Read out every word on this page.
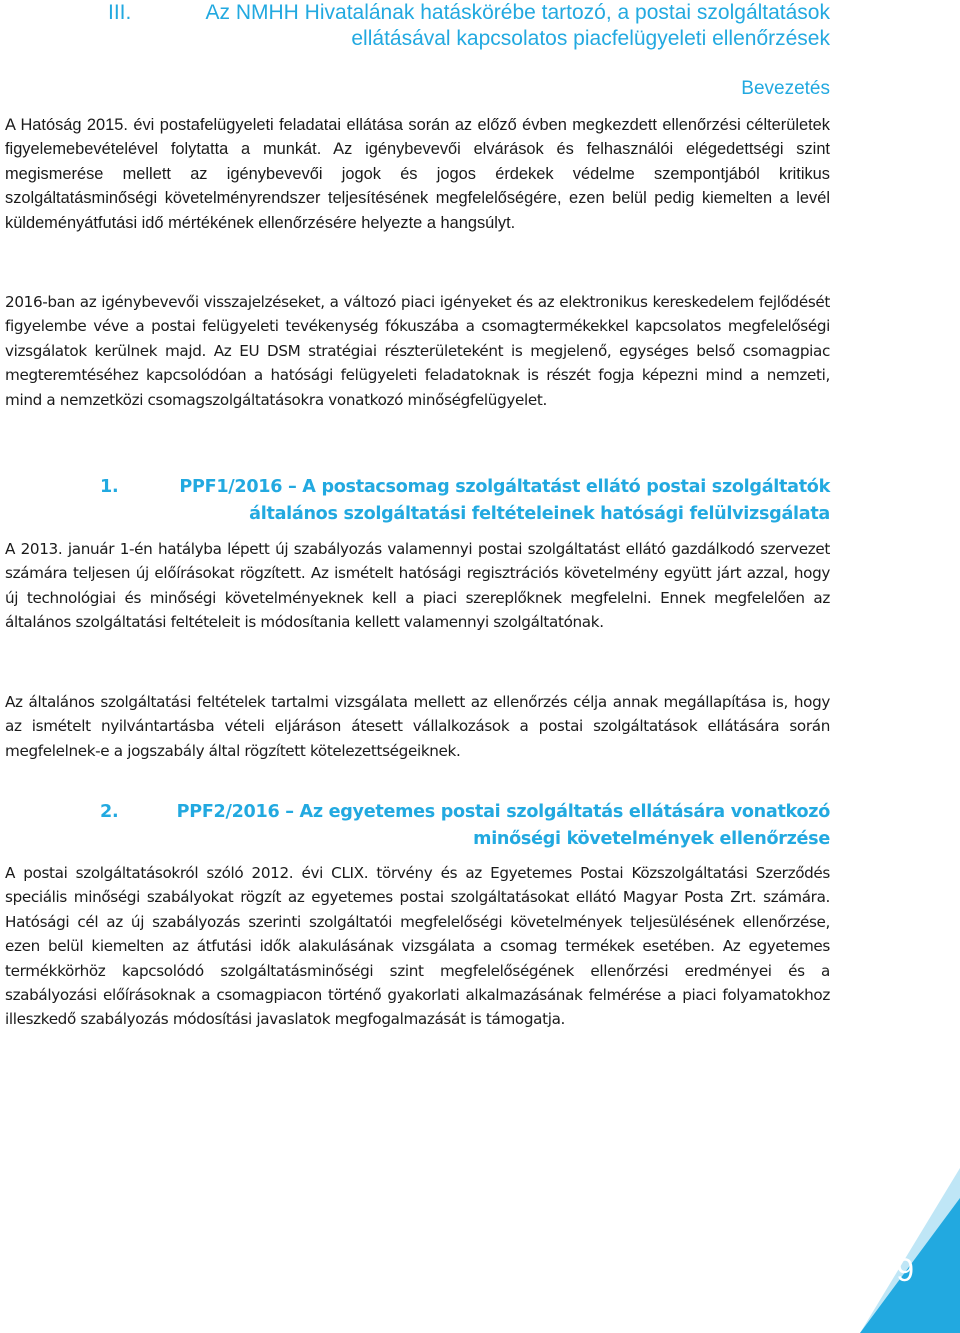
III.	Az NMHH Hivatalának hatáskörébe tartozó, a postai szolgáltatások ellátásával kapcsolatos piacfelügyeleti ellenőrzések
Bevezetés

A Hatóság 2015. évi postafelügyeleti feladatai ellátása során az előző évben megkezdett ellenőrzési célterületek figyelemebevételével folytatta a munkát. Az igénybevevői elvárások és felhasználói elégedettségi szint megismerése mellett az igénybevevői jogok és jogos érdekek védelme szempontjából kritikus szolgáltatásminőségi követelményrendszer teljesítésének megfelelőségére, ezen belül pedig kiemelten a levél küldeményátfutási idő mértékének ellenőrzésére helyezte a hangsúlyt.

2016-ban az igénybevevői visszajelzéseket, a változó piaci igényeket és az elektronikus kereskedelem fejlődését figyelembe véve a postai felügyeleti tevékenység fókuszába a csomagtermékekkel kapcsolatos megfelelőségi vizsgálatok kerülnek majd. Az EU DSM stratégiai részterületeként is megjelenő, egységes belső csomagpiac megteremtéséhez kapcsolódóan a hatósági felügyeleti feladatoknak is részét fogja képezni mind a nemzeti, mind a nemzetközi csomagszolgáltatásokra vonatkozó minőségfelügyelet.

1.	PPF1/2016 – A postacsomag szolgáltatást ellátó postai szolgáltatók általános szolgáltatási feltételeinek hatósági felülvizsgálata

A 2013. január 1-én hatályba lépett új szabályozás valamennyi postai szolgáltatást ellátó gazdálkodó szervezet számára teljesen új előírásokat rögzített. Az ismételt hatósági regisztrációs követelmény együtt járt azzal, hogy új technológiai és minőségi követelményeknek kell a piaci szereplőknek megfelelni. Ennek megfelelően az általános szolgáltatási feltételeit is módosítania kellett valamennyi szolgáltatónak.

Az általános szolgáltatási feltételek tartalmi vizsgálata mellett az ellenőrzés célja annak megállapítása is, hogy az ismételt nyilvántartásba vételi eljáráson átesett vállalkozások a postai szolgáltatások ellátására során megfelelnek-e a jogszabály által rögzített kötelezettségeiknek.

2.	PPF2/2016 – Az egyetemes postai szolgáltatás ellátására vonatkozó minőségi követelmények ellenőrzése

A postai szolgáltatásokról szóló 2012. évi CLIX. törvény és az Egyetemes Postai Közszolgáltatási Szerződés speciális minőségi szabályokat rögzít az egyetemes postai szolgáltatásokat ellátó Magyar Posta Zrt. számára. Hatósági cél az új szabályozás szerinti szolgáltatói megfelelőségi követelmények teljesülésének ellenőrzése, ezen belül kiemelten az átfutási idők alakulásának vizsgálata a csomag termékek esetében. Az egyetemes termékkörhöz kapcsolódó szolgáltatásminőségi szint megfelelőségének ellenőrzési eredményei és a szabályozási előírásoknak a csomagpiacon történő gyakorlati alkalmazásának felmérése a piaci folyamatokhoz illeszkedő szabályozás módosítási javaslatok megfogalmazását is támogatja.

9
